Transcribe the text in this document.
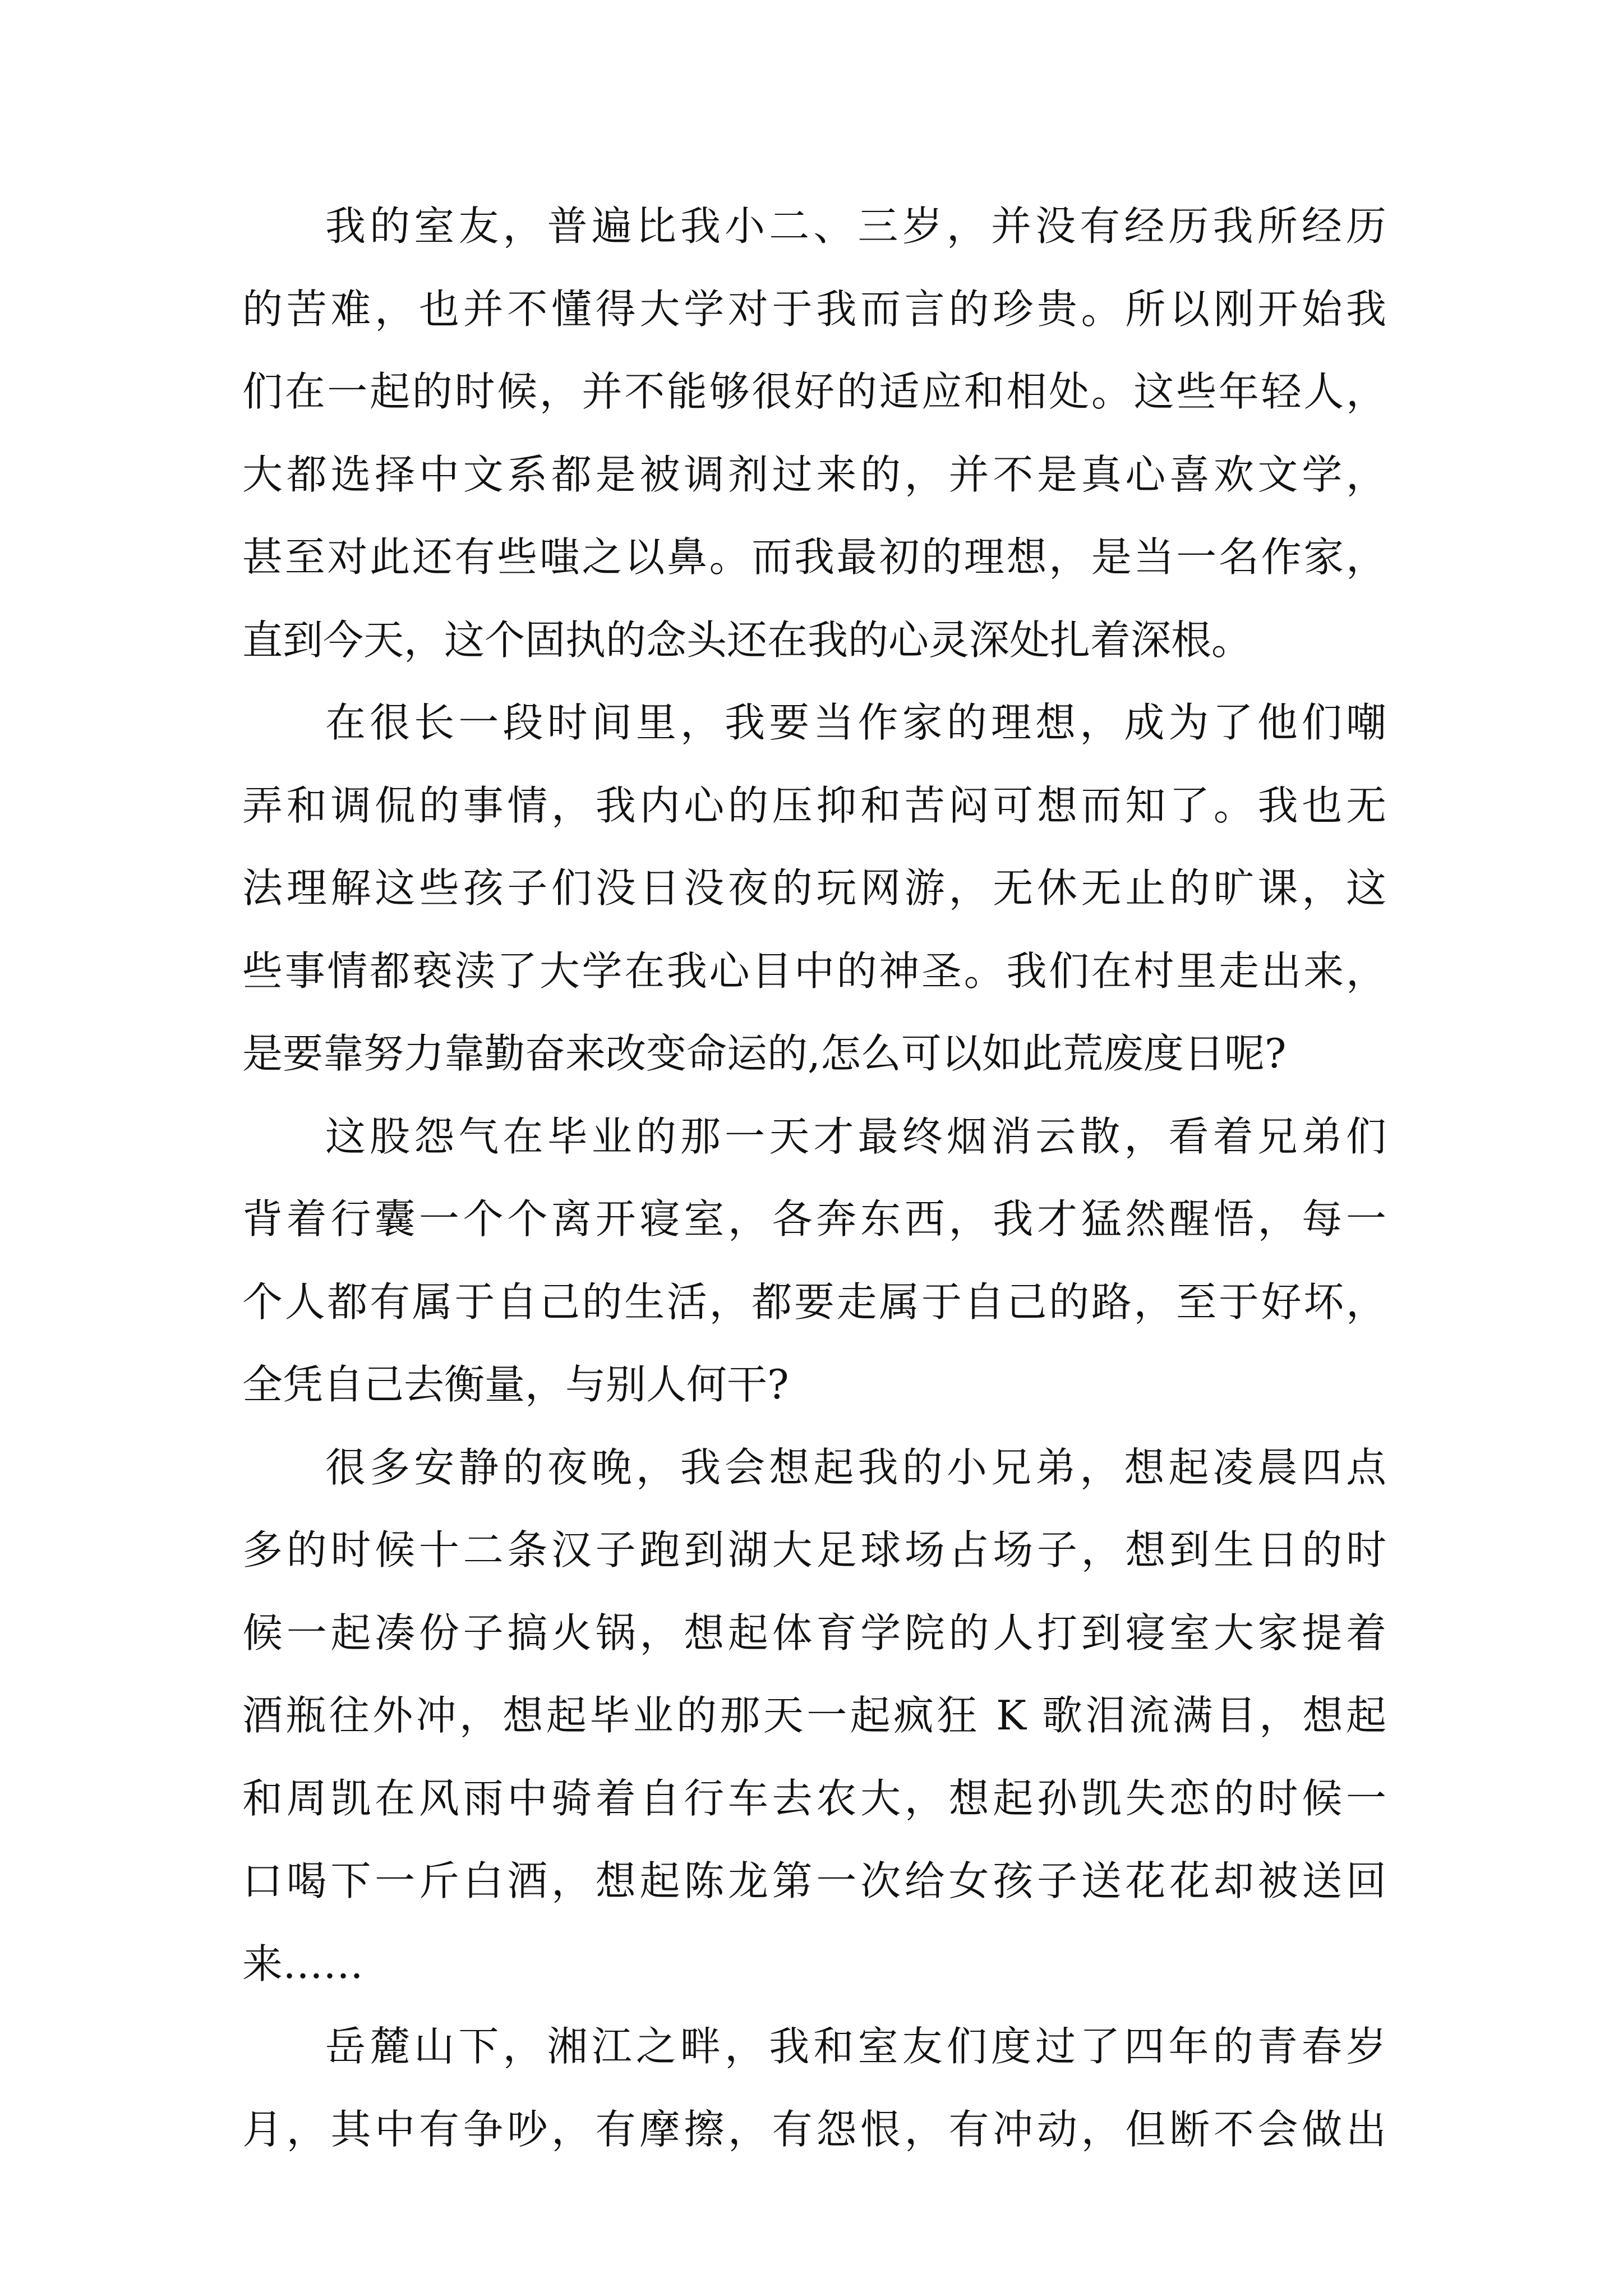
我的室友，普遍比我小二、三岁，并没有经历我所经历
的苦难，也并不懂得大学对于我而言的珍贵。所以刚开始我
们在一起的时候，并不能够很好的适应和相处。这些年轻人，
大都选择中文系都是被调剂过来的，并不是真心喜欢文学，
甚至对此还有些嗤之以鼻。而我最初的理想，是当一名作家，
直到今天，这个固执的念头还在我的心灵深处扎着深根。
在很长一段时间里，我要当作家的理想，成为了他们嘲
弄和调侃的事情，我内心的压抑和苦闷可想而知了。我也无
法理解这些孩子们没日没夜的玩网游，无休无止的旷课，这
些事情都亵渎了大学在我心目中的神圣。我们在村里走出来，
是要靠努力靠勤奋来改变命运的,怎么可以如此荒废度日呢?
这股怨气在毕业的那一天才最终烟消云散，看着兄弟们
背着行囊一个个离开寝室，各奔东西，我才猛然醒悟，每一
个人都有属于自己的生活，都要走属于自己的路，至于好坏，
全凭自己去衡量，与别人何干?
很多安静的夜晚，我会想起我的小兄弟，想起凌晨四点
多的时候十二条汉子跑到湖大足球场占场子，想到生日的时
候一起凑份子搞火锅，想起体育学院的人打到寝室大家提着
酒瓶往外冲，想起毕业的那天一起疯狂 K 歌泪流满目，想起
和周凯在风雨中骑着自行车去农大，想起孙凯失恋的时候一
口喝下一斤白酒，想起陈龙第一次给女孩子送花花却被送回
来……
岳麓山下，湘江之畔，我和室友们度过了四年的青春岁
月，其中有争吵，有摩擦，有怨恨，有冲动，但断不会做出
